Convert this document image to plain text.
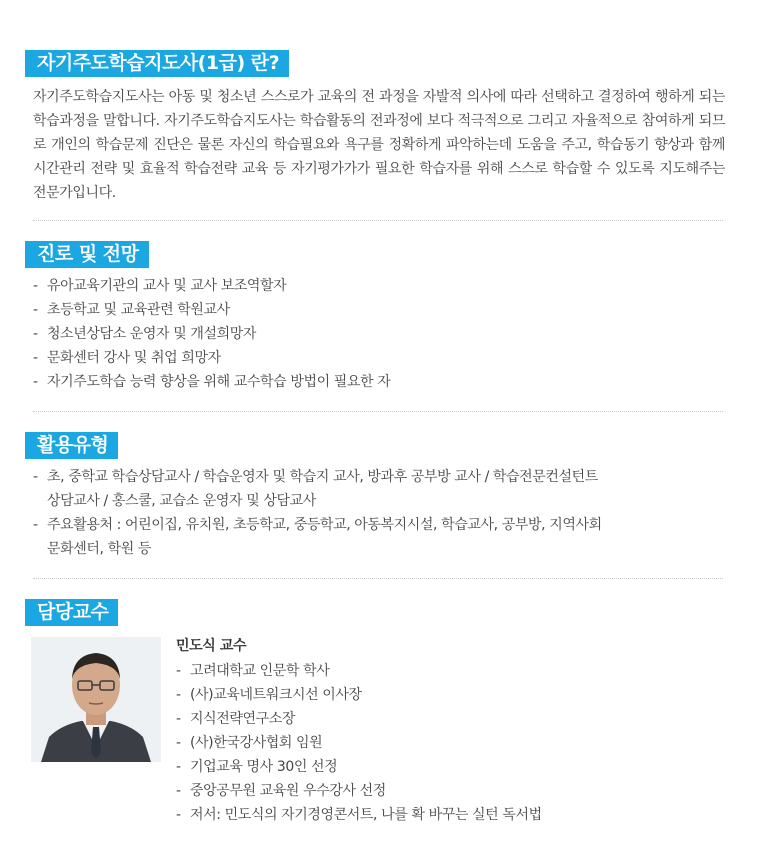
자기주도학습지도사(1급) 란?

자기주도학습지도사는 아동 및 청소년 스스로가 교육의 전 과정을 자발적 의사에 따라 선택하고 결정하여 행하게 되는 학습과정을 말합니다. 자기주도학습지도사는 학습활동의 전과정에 보다 적극적으로 그리고 자율적으로 참여하게 되므로 개인의 학습문제 진단은 물론 자신의 학습필요와 욕구를 정확하게 파악하는데 도움을 주고, 학습동기 향상과 함께 시간관리 전략 및 효율적 학습전략 교육 등 자기평가가가 필요한 학습자를 위해 스스로 학습할 수 있도록 지도해주는 전문가입니다.

진로 및 전망
- 유아교육기관의 교사 및 교사 보조역할자
- 초등학교 및 교육관련 학원교사
- 청소년상담소 운영자 및 개설희망자
- 문화센터 강사 및 취업 희망자
- 자기주도학습 능력 향상을 위해 교수학습 방법이 필요한 자
활용유형
- 초, 중학교 학습상담교사 / 학습운영자 및 학습지 교사, 방과후 공부방 교사 / 학습전문컨설턴트
상담교사 / 홍스쿨, 교습소 운영자 및 상담교사
- 주요활용처 : 어린이집, 유치원, 초등학교, 중등학교, 아동복지시설, 학습교사, 공부방, 지역사회
문화센터, 학원 등
담당교수
민도식 교수
- 고려대학교 인문학 학사
- (사)교육네트워크시선 이사장
- 지식전략연구소장
- (사)한국강사협회 임원
- 기업교육 명사 30인 선정
- 중앙공무원 교육원 우수강사 선정
- 저서: 민도식의 자기경영콘서트, 나를 확 바꾸는 실턴 독서법
